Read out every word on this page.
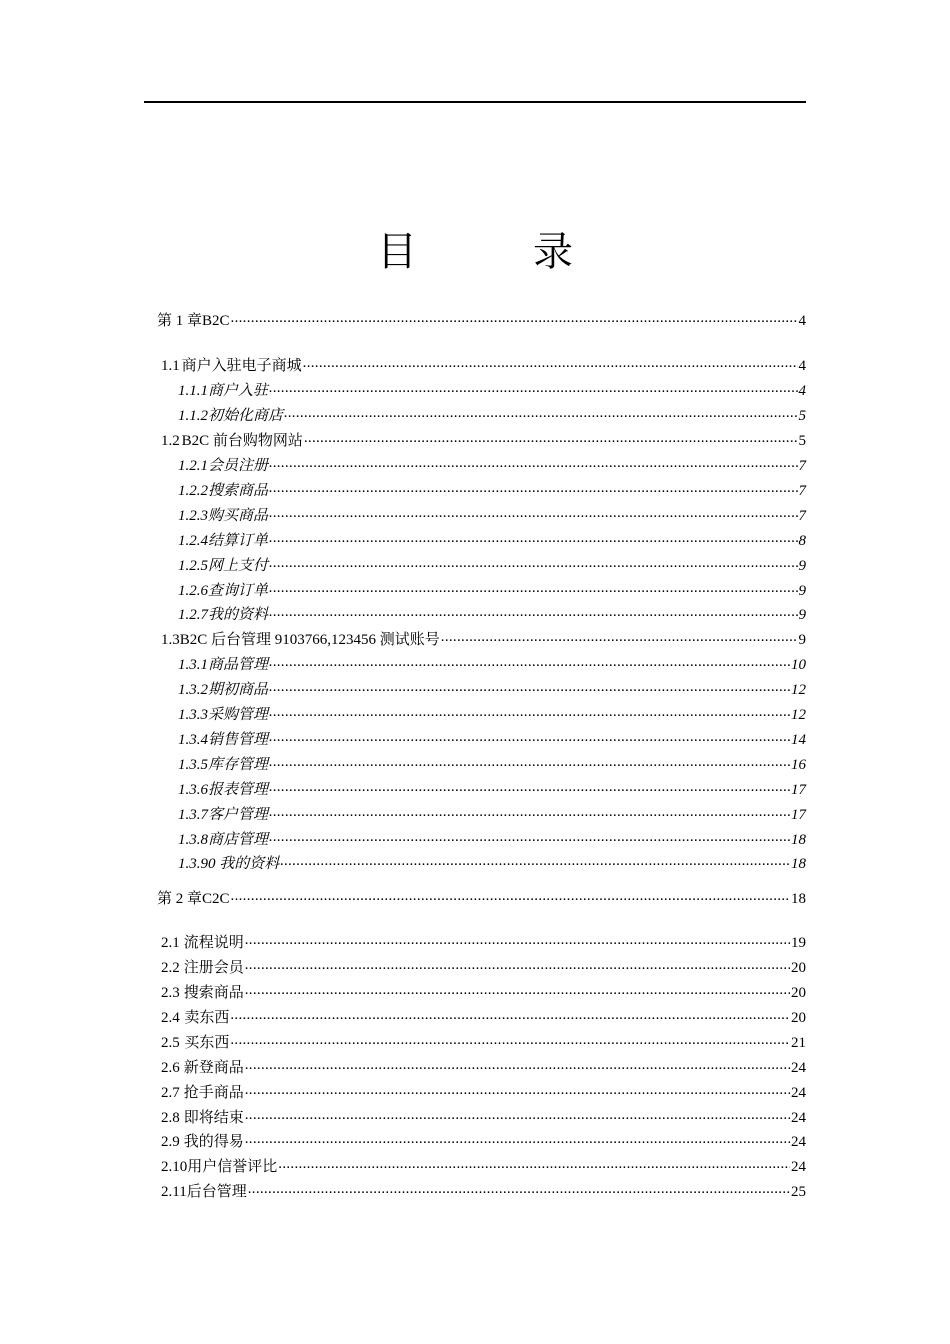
目　录
第 1 章 B2C .....	4
1.1 商户入驻电子商城 .....	4
1.1.1 商户入驻 .....	4
1.1.2 初始化商店 .....	5
1.2 B2C 前台购物网站 .....	5
1.2.1 会员注册 .....	7
1.2.2 搜索商品 .....	7
1.2.3 购买商品 .....	7
1.2.4 结算订单 .....	8
1.2.5 网上支付 .....	9
1.2.6 查询订单 .....	9
1.2.7 我的资料 .....	9
1.3 B2C 后台管理 9103766,123456 测试账号 .....	9
1.3.1 商品管理 .....	10
1.3.2 期初商品 .....	12
1.3.3 采购管理 .....	12
1.3.4 销售管理 .....	14
1.3.5 库存管理 .....	16
1.3.6 报表管理 .....	17
1.3.7 客户管理 .....	17
1.3.8 商店管理 .....	18
1.3.9 0 我的资料 .....	18
第 2 章 C2C .....	18
2.1 流程说明 .....	19
2.2 注册会员 .....	20
2.3 搜索商品 .....	20
2.4 卖东西 .....	20
2.5 买东西 .....	21
2.6 新登商品 .....	24
2.7 抢手商品 .....	24
2.8 即将结束 .....	24
2.9 我的得易 .....	24
2.10 用户信誉评比 .....	24
2.11 后台管理 .....	25
